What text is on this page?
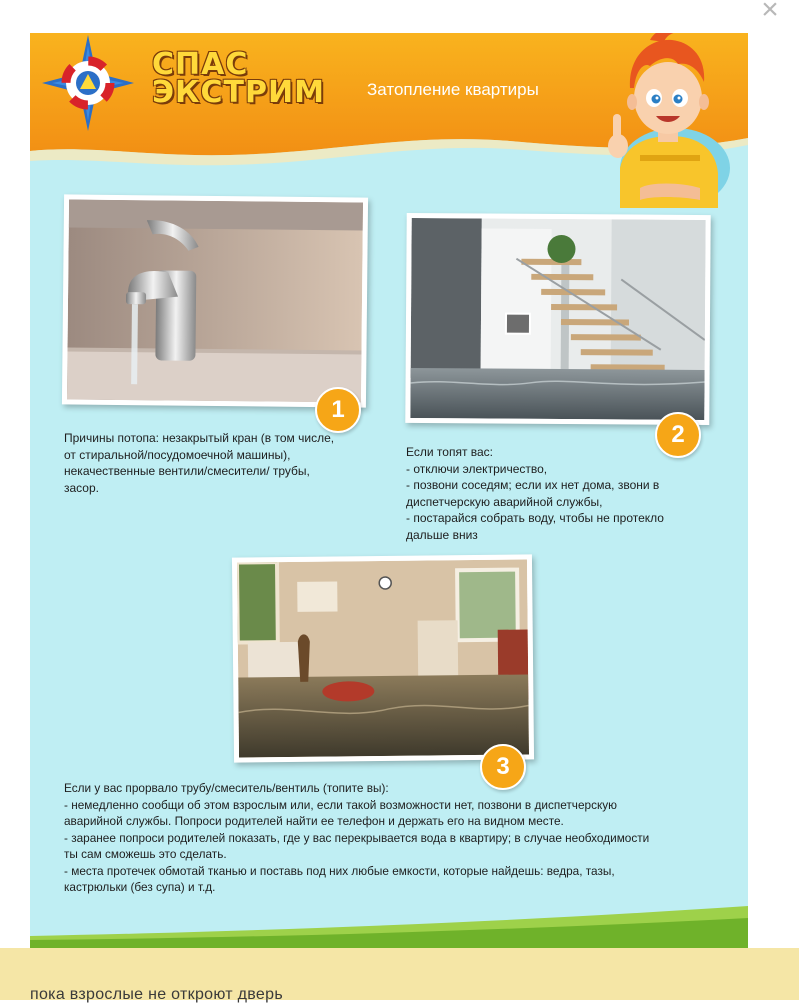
пока взрослые не откроют дверь
×
СПАС
ЭКСТРИМ Затопление квартиры
1
2
3

Причины потопа: незакрытый кран (в том числе,

от стиральной/посудомоечной машины),

некачественные вентили/смесители/ трубы,

засор.

Если топят вас:

- отключи электричество,

- позвони соседям; если их нет дома, звони в

диспетчерскую аварийной службы,

- постарайся собрать воду, чтобы не протекло

дальше вниз

Если у вас прорвало трубу/смеситель/вентиль (топите вы):

- немедленно сообщи об этом взрослым или, если такой возможности нет, позвони в диспетчерскую

аварийной службы. Попроси родителей найти ее телефон и держать его на видном месте.

- заранее попроси родителей показать, где у вас перекрывается вода в квартиру; в случае необходимости

ты сам сможешь это сделать.

- места протечек обмотай тканью и поставь под них любые емкости, которые найдешь: ведра, тазы,

кастрюльки (без супа) и т.д.
